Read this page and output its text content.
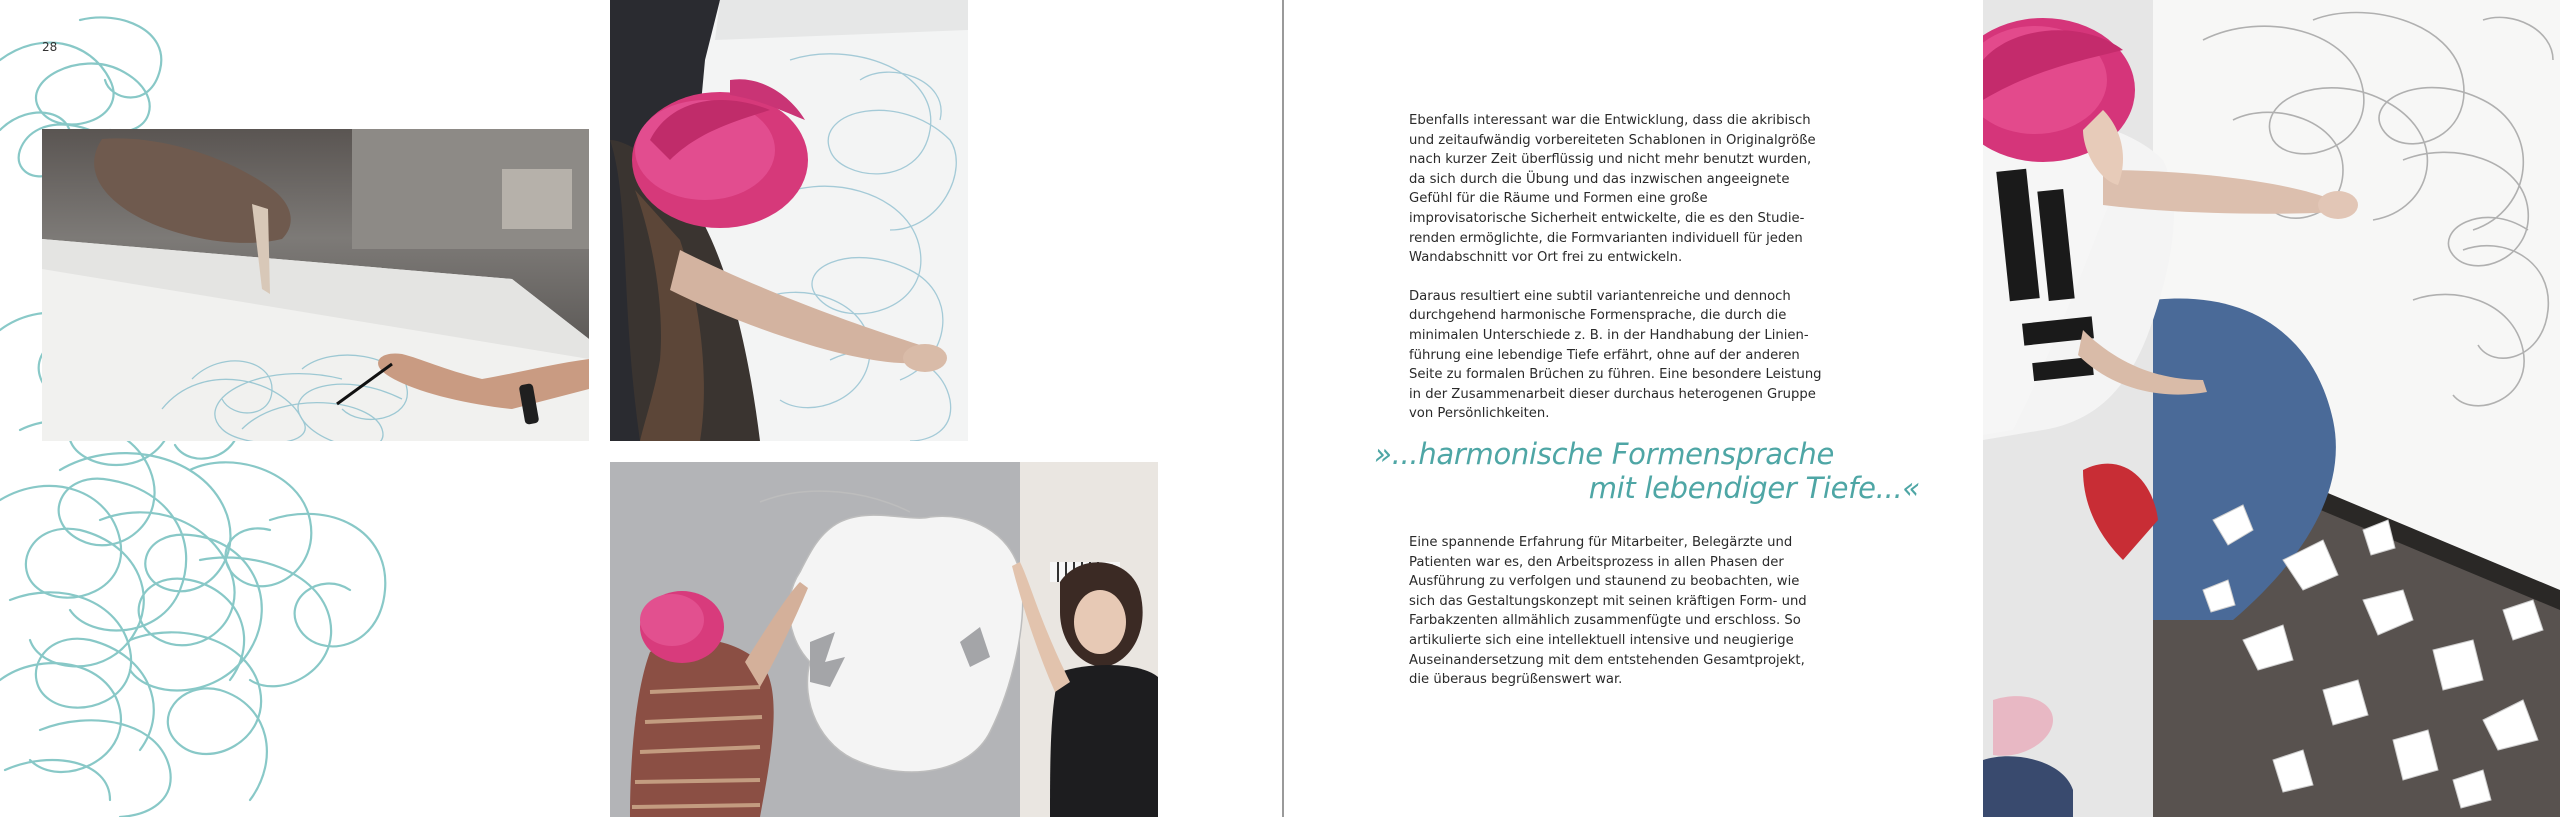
28

Ebenfalls interessant war die Entwicklung, dass die akribisch und zeitaufwändig vorbereiteten Schablonen in Originalgröße nach kurzer Zeit überflüssig und nicht mehr benutzt wurden, da sich durch die Übung und das inzwischen angeeignete Gefühl für die Räume und Formen eine große improvisatorische Sicherheit entwickelte, die es den Studierenden ermöglichte, die Formvarianten individuell für jeden Wandabschnitt vor Ort frei zu entwickeln.

Daraus resultiert eine subtil variantenreiche und dennoch durchgehend harmonische Formensprache, die durch die minimalen Unterschiede z. B. in der Handhabung der Linienführung eine lebendige Tiefe erfährt, ohne auf der anderen Seite zu formalen Brüchen zu führen. Eine besondere Leistung in der Zusammenarbeit dieser durchaus heterogenen Gruppe von Persönlichkeiten.

»...harmonische Formensprache
mit lebendiger Tiefe...«

Eine spannende Erfahrung für Mitarbeiter, Belegärzte und Patienten war es, den Arbeitsprozess in allen Phasen der Ausführung zu verfolgen und staunend zu beobachten, wie sich das Gestaltungskonzept mit seinen kräftigen Form- und Farbakzenten allmählich zusammenfügte und erschloss. So artikulierte sich eine intellektuell intensive und neugierige Auseinandersetzung mit dem entstehenden Gesamtprojekt, die überaus begrüßenswert war.
